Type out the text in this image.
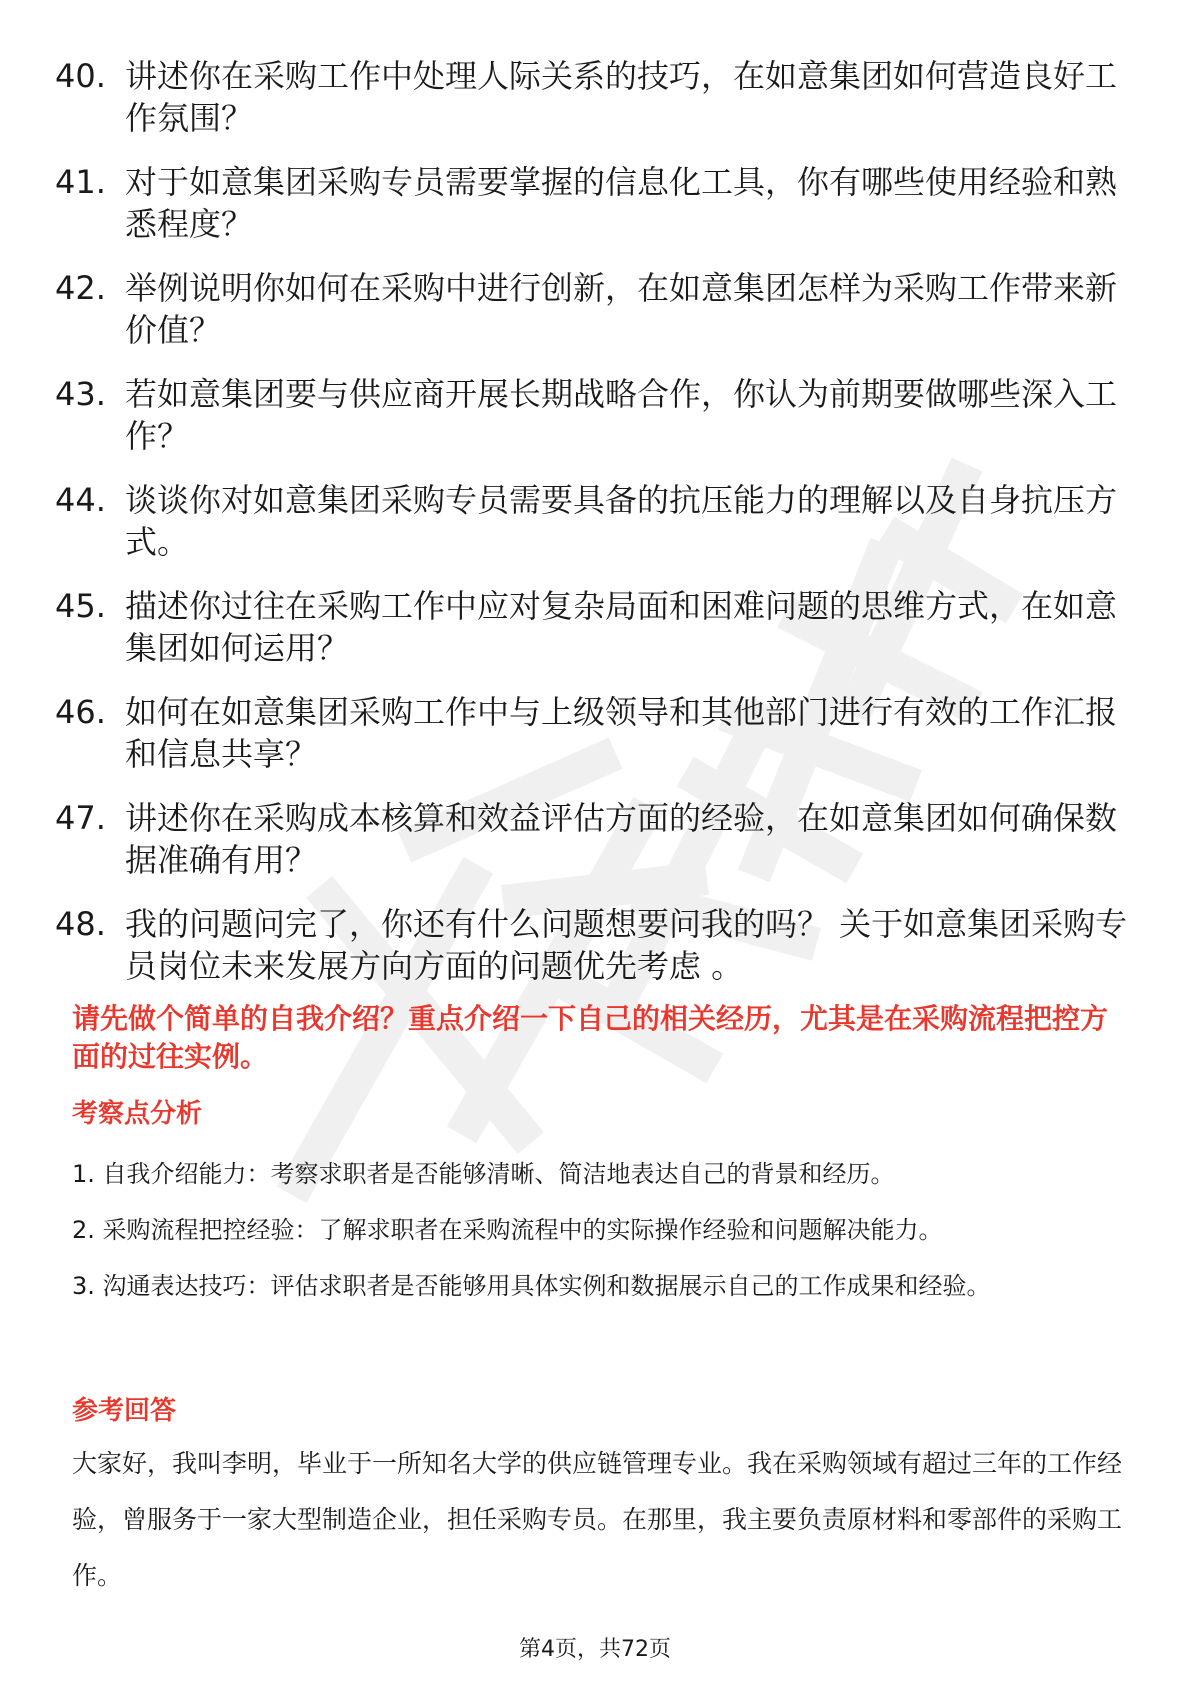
40. 讲述你在采购工作中处理人际关系的技巧，在如意集团如何营造良好工作氛围？
41. 对于如意集团采购专员需要掌握的信息化工具，你有哪些使用经验和熟悉程度？
42. 举例说明你如何在采购中进行创新，在如意集团怎样为采购工作带来新价值？
43. 若如意集团要与供应商开展长期战略合作，你认为前期要做哪些深入工作？
44. 谈谈你对如意集团采购专员需要具备的抗压能力的理解以及自身抗压方式。
45. 描述你过往在采购工作中应对复杂局面和困难问题的思维方式，在如意集团如何运用？
46. 如何在如意集团采购工作中与上级领导和其他部门进行有效的工作汇报和信息共享？
47. 讲述你在采购成本核算和效益评估方面的经验，在如意集团如何确保数据准确有用？
48. 我的问题问完了，你还有什么问题想要问我的吗？ 关于如意集团采购专员岗位未来发展方向方面的问题优先考虑 。

请先做个简单的自我介绍？重点介绍一下自己的相关经历，尤其是在采购流程把控方面的过往实例。

考察点分析
1. 自我介绍能力：考察求职者是否能够清晰、简洁地表达自己的背景和经历。
2. 采购流程把控经验：了解求职者在采购流程中的实际操作经验和问题解决能力。
3. 沟通表达技巧：评估求职者是否能够用具体实例和数据展示自己的工作成果和经验。
参考回答

大家好，我叫李明，毕业于一所知名大学的供应链管理专业。我在采购领域有超过三年的工作经验，曾服务于一家大型制造企业，担任采购专员。在那里，我主要负责原材料和零部件的采购工作。

第4页，共72页
